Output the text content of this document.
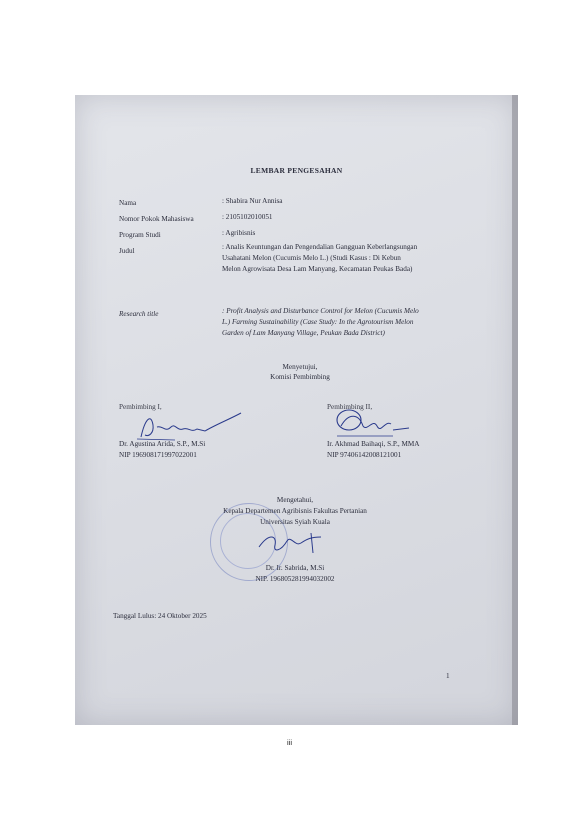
LEMBAR PENGESAHAN
Nama	: Shabira Nur Annisa
Nomor Pokok Mahasiswa	: 2105102010051
Program Studi	: Agribisnis
Judul	: Analis Keuntungan dan Pengendalian Gangguan Keberlangsungan
Usahatani Melon (Cucumis Melo L.) (Studi Kasus : Di Kebun
Melon Agrowisata Desa Lam Manyang, Kecamatan Peukas Bada)
Research title	: Profit Analysis and Disturbance Control for Melon (Cucumis Melo
L.) Farming Sustainability (Case Study: In the Agrotourism Melon
Garden of Lam Manyang Village, Peukan Bada District)
Menyetujui,
Komisi Pembimbing
Pembimbing I,
Dr. Agustina Arida, S.P., M.Si
NIP 196908171997022001
Pembimbing II,
Ir. Akhmad Baihaqi, S.P., MMA
NIP 97406142008121001
Mengetahui,
Kepala Departemen Agribisnis Fakultas Pertanian
Universitas Syiah Kuala
Dr. Ir. Sabrida, M.Si
NIP. 196805281994032002
Tanggal Lulus: 24 Oktober 2025
1
iii
